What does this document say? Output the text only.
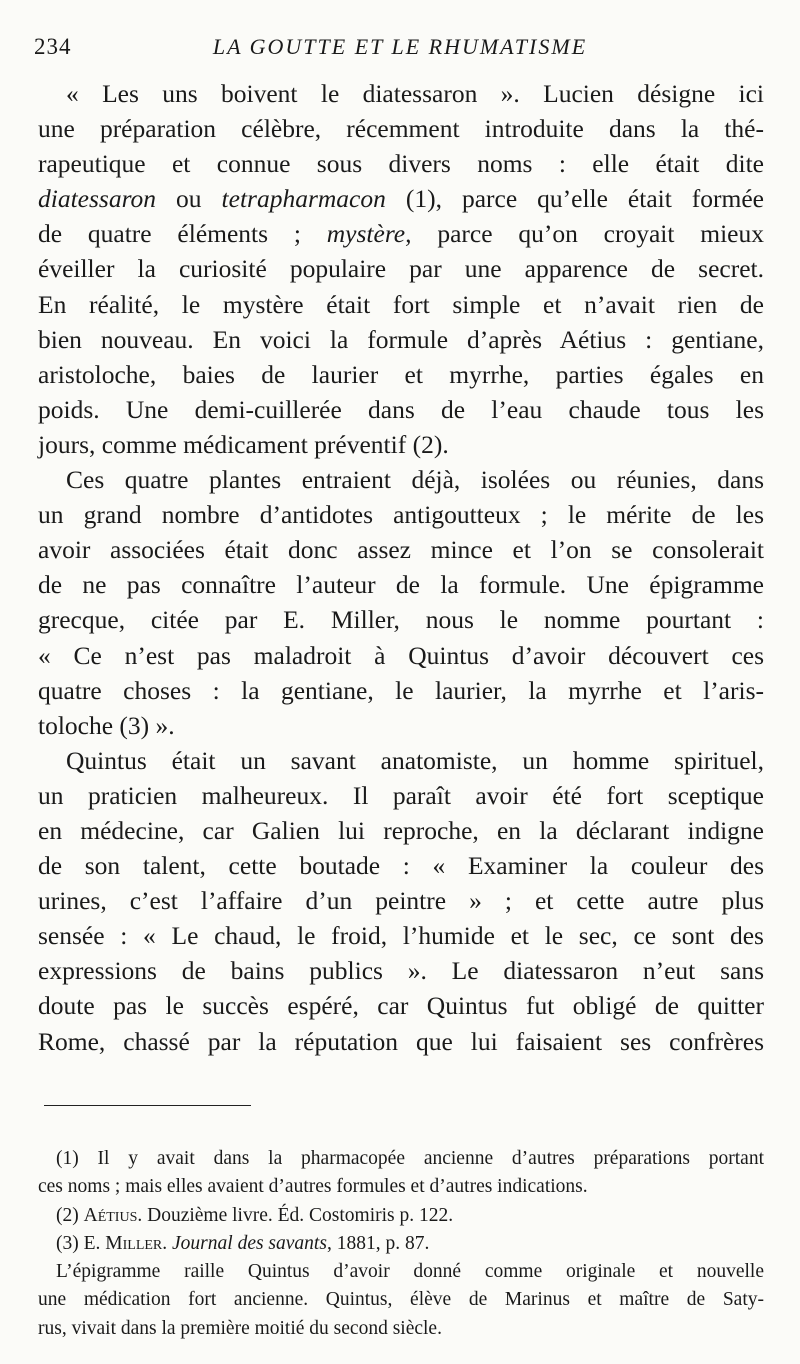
234	LA GOUTTE ET LE RHUMATISME
« Les uns boivent le diatessaron ». Lucien désigne ici
une préparation célèbre, récemment introduite dans la thé-
rapeutique et connue sous divers noms : elle était dite
diatessaron ou tetrapharmacon (1), parce qu’elle était formée
de quatre éléments ; mystère, parce qu’on croyait mieux
éveiller la curiosité populaire par une apparence de secret.
En réalité, le mystère était fort simple et n’avait rien de
bien nouveau. En voici la formule d’après Aétius : gentiane,
aristoloche, baies de laurier et myrrhe, parties égales en
poids. Une demi-cuillerée dans de l’eau chaude tous les
jours, comme médicament préventif (2).
Ces quatre plantes entraient déjà, isolées ou réunies, dans
un grand nombre d’antidotes antigoutteux ; le mérite de les
avoir associées était donc assez mince et l’on se consolerait
de ne pas connaître l’auteur de la formule. Une épigramme
grecque, citée par E. Miller, nous le nomme pourtant :
« Ce n’est pas maladroit à Quintus d’avoir découvert ces
quatre choses : la gentiane, le laurier, la myrrhe et l’aris-
toloche (3) ».
Quintus était un savant anatomiste, un homme spirituel,
un praticien malheureux. Il paraît avoir été fort sceptique
en médecine, car Galien lui reproche, en la déclarant indigne
de son talent, cette boutade : « Examiner la couleur des
urines, c’est l’affaire d’un peintre » ; et cette autre plus
sensée : « Le chaud, le froid, l’humide et le sec, ce sont des
expressions de bains publics ». Le diatessaron n’eut sans
doute pas le succès espéré, car Quintus fut obligé de quitter
Rome, chassé par la réputation que lui faisaient ses confrères
(1) Il y avait dans la pharmacopée ancienne d’autres préparations portant
ces noms ; mais elles avaient d’autres formules et d’autres indications.
(2) Aétius. Douzième livre. Éd. Costomiris p. 122.
(3) E. Miller. Journal des savants, 1881, p. 87.
L’épigramme raille Quintus d’avoir donné comme originale et nouvelle
une médication fort ancienne. Quintus, élève de Marinus et maître de Saty-
rus, vivait dans la première moitié du second siècle.
